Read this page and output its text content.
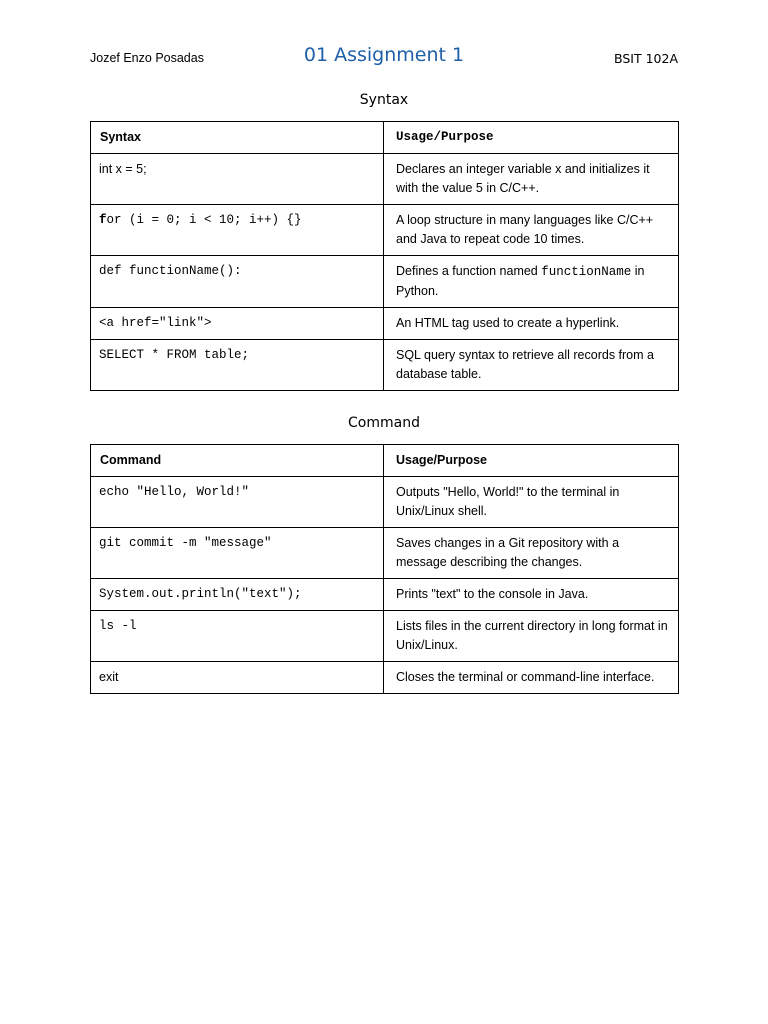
Jozef Enzo Posadas	01 Assignment 1	BSIT 102A
Syntax
Syntax	Usage/Purpose

int x = 5;	Declares an integer variable x and initializes it with the value 5 in C/C++.

for (i = 0; i < 10; i++) {}	A loop structure in many languages like C/C++ and Java to repeat code 10 times.

def functionName():	Defines a function named functionName in Python.

<a href="link">	An HTML tag used to create a hyperlink.

SELECT * FROM table;	SQL query syntax to retrieve all records from a database table.
Command
Command	Usage/Purpose

echo "Hello, World!"	Outputs "Hello, World!" to the terminal in Unix/Linux shell.

git commit -m "message"	Saves changes in a Git repository with a message describing the changes.

System.out.println("text");	Prints "text" to the console in Java.

ls -l	Lists files in the current directory in long format in Unix/Linux.

exit	Closes the terminal or command-line interface.
